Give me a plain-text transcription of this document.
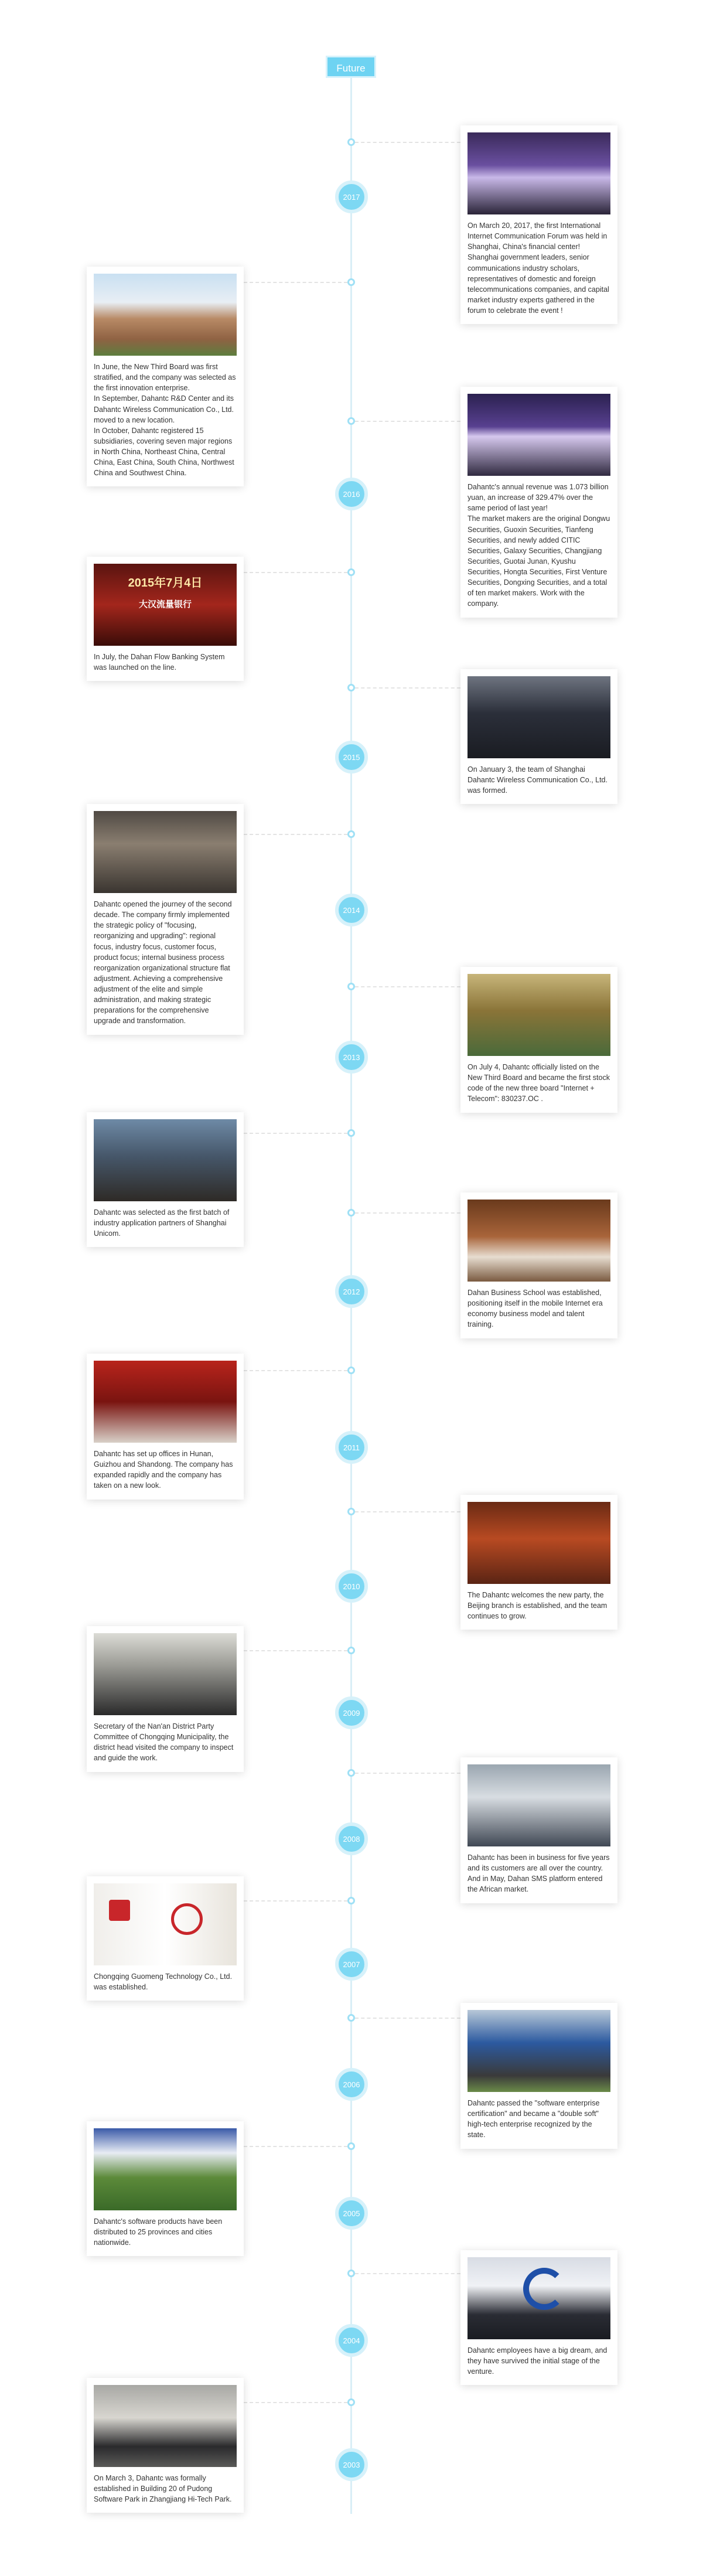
Future
2017
2016
2015
2014
2013
2012
2011
2010
2009
2008
2007
2006
2005
2004
2003

On March 20, 2017, the first International Internet Communication Forum was held in Shanghai, China's financial center! Shanghai government leaders, senior communications industry scholars, representatives of domestic and foreign telecommunications companies, and capital market industry experts gathered in the forum to celebrate the event !

In June, the New Third Board was first stratified, and the company was selected as the first innovation enterprise.
In September, Dahantc R&D Center and its Dahantc Wireless Communication Co., Ltd. moved to a new location.
In October, Dahantc registered 15 subsidiaries, covering seven major regions in North China, Northeast China, Central China, East China, South China, Northwest China and Southwest China.

Dahantc's annual revenue was 1.073 billion yuan, an increase of 329.47% over the same period of last year!
The market makers are the original Dongwu Securities, Guoxin Securities, Tianfeng Securities, and newly added CITIC Securities, Galaxy Securities, Changjiang Securities, Guotai Junan, Kyushu Securities, Hongta Securities, First Venture Securities, Dongxing Securities, and a total of ten market makers. Work with the company.

2015年7月4日
大汉流量银行

In July, the Dahan Flow Banking System was launched on the line.

On January 3, the team of Shanghai Dahantc Wireless Communication Co., Ltd. was formed.

Dahantc opened the journey of the second decade. The company firmly implemented the strategic policy of "focusing, reorganizing and upgrading": regional focus, industry focus, customer focus, product focus; internal business process reorganization organizational structure flat adjustment. Achieving a comprehensive adjustment of the elite and simple administration, and making strategic preparations for the comprehensive upgrade and transformation.

On July 4, Dahantc officially listed on the New Third Board and became the first stock code of the new three board "Internet + Telecom": 830237.OC .

Dahantc was selected as the first batch of industry application partners of Shanghai Unicom.

Dahan Business School was established, positioning itself in the mobile Internet era economy business model and talent training.

Dahantc has set up offices in Hunan, Guizhou and Shandong. The company has expanded rapidly and the company has taken on a new look.

The Dahantc welcomes the new party, the Beijing branch is established, and the team continues to grow.

Secretary of the Nan'an District Party Committee of Chongqing Municipality, the district head visited the company to inspect and guide the work.

Dahantc has been in business for five years and its customers are all over the country. And in May, Dahan SMS platform entered the African market.

Chongqing Guomeng Technology Co., Ltd. was established.

Dahantc passed the "software enterprise certification" and became a "double soft" high-tech enterprise recognized by the state.

Dahantc's software products have been distributed to 25 provinces and cities nationwide.

Dahantc employees have a big dream, and they have survived the initial stage of the venture.

On March 3, Dahantc was formally established in Building 20 of Pudong Software Park in Zhangjiang Hi-Tech Park.
